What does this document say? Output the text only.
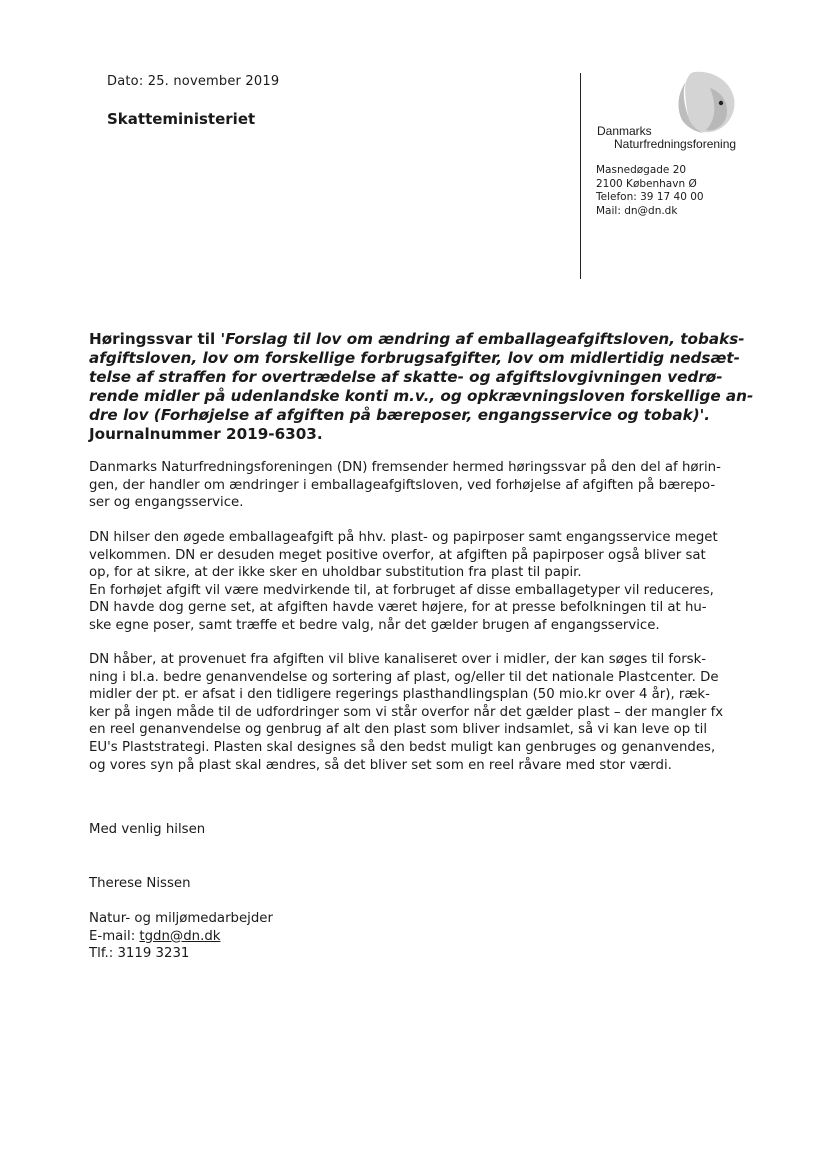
Dato: 25. november 2019
Skatteministeriet
Danmarks
Naturfredningsforening
Masnedøgade 20
2100 København Ø
Telefon: 39 17 40 00
Mail: dn@dn.dk
Høringssvar til 'Forslag til lov om ændring af emballageafgiftsloven, tobaks-
afgiftsloven, lov om forskellige forbrugsafgifter, lov om midlertidig nedsæt-
telse af straffen for overtrædelse af skatte- og afgiftslovgivningen vedrø-
rende midler på udenlandske konti m.v., og opkrævningsloven forskellige an-
dre lov (Forhøjelse af afgiften på bæreposer, engangsservice og tobak)'.
Journalnummer 2019-6303.
Danmarks Naturfredningsforeningen (DN) fremsender hermed høringssvar på den del af hørin-
gen, der handler om ændringer i emballageafgiftsloven, ved forhøjelse af afgiften på bærepo-
ser og engangsservice.
DN hilser den øgede emballageafgift på hhv. plast- og papirposer samt engangsservice meget
velkommen. DN er desuden meget positive overfor, at afgiften på papirposer også bliver sat
op, for at sikre, at der ikke sker en uholdbar substitution fra plast til papir.
En forhøjet afgift vil være medvirkende til, at forbruget af disse emballagetyper vil reduceres,
DN havde dog gerne set, at afgiften havde været højere, for at presse befolkningen til at hu-
ske egne poser, samt træffe et bedre valg, når det gælder brugen af engangsservice.
DN håber, at provenuet fra afgiften vil blive kanaliseret over i midler, der kan søges til forsk-
ning i bl.a. bedre genanvendelse og sortering af plast, og/eller til det nationale Plastcenter. De
midler der pt. er afsat i den tidligere regerings plasthandlingsplan (50 mio.kr over 4 år), ræk-
ker på ingen måde til de udfordringer som vi står overfor når det gælder plast – der mangler fx
en reel genanvendelse og genbrug af alt den plast som bliver indsamlet, så vi kan leve op til
EU's Plaststrategi. Plasten skal designes så den bedst muligt kan genbruges og genanvendes,
og vores syn på plast skal ændres, så det bliver set som en reel råvare med stor værdi.
Med venlig hilsen
Therese Nissen
Natur- og miljømedarbejder
E-mail: tgdn@dn.dk
Tlf.: 3119 3231
